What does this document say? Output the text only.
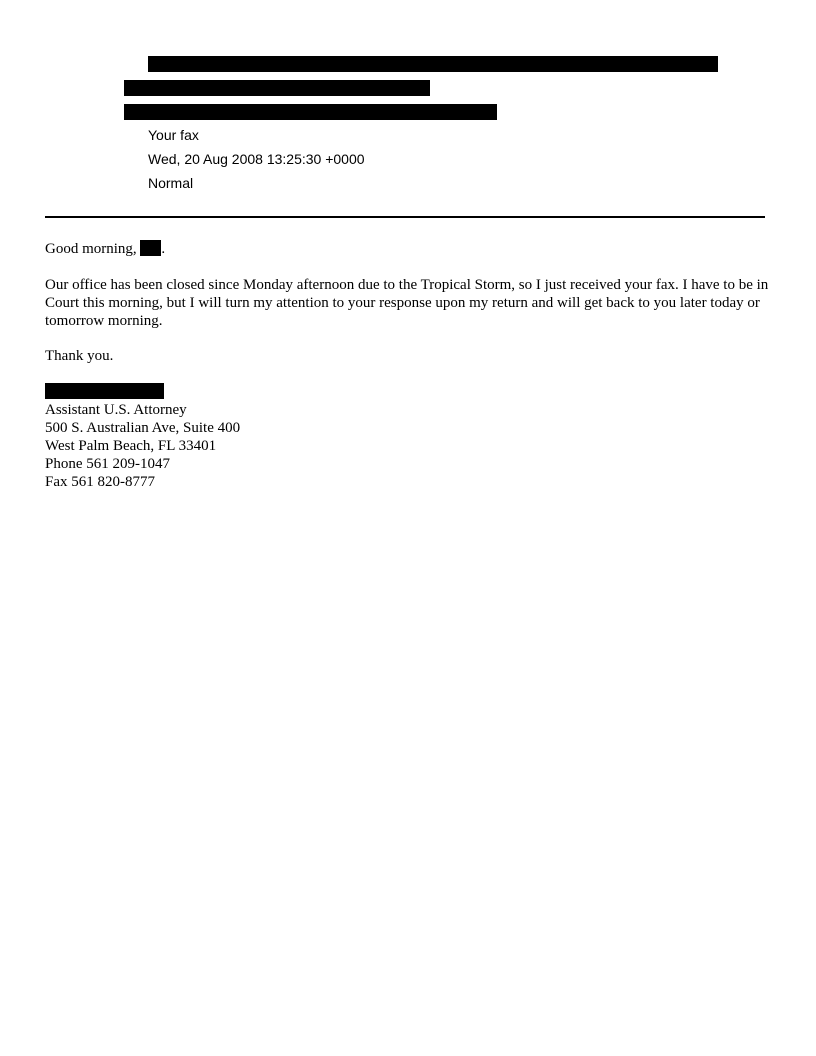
Your fax
Wed, 20 Aug 2008 13:25:30 +0000
Normal
Good morning, .
Our office has been closed since Monday afternoon due to the Tropical Storm, so I just received your fax. I have to be in Court this morning, but I will turn my attention to your response upon my return and will get back to you later today or tomorrow morning.
Thank you.
Assistant U.S. Attorney
500 S. Australian Ave, Suite 400
West Palm Beach, FL 33401
Phone 561 209-1047
Fax 561 820-8777
